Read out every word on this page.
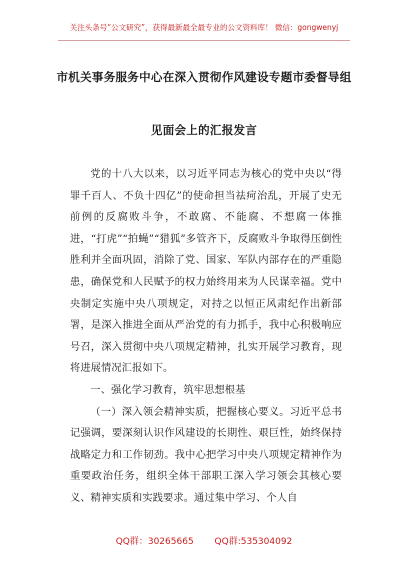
关注头条号“公文研究”，获得最新最全最专业的公文资料库！ 微信：gongwenyj
市机关事务服务中心在深入贯彻作风建设专题市委督导组
见面会上的汇报发言

党的十八大以来，以习近平同志为核心的党中央以“得罪千百人、不负十四亿”的使命担当祛疴治乱，开展了史无前例的反腐败斗争，不敢腐、不能腐、不想腐一体推进，“打虎”“拍蝇”“猎狐”多管齐下，反腐败斗争取得压倒性胜利并全面巩固，消除了党、国家、军队内部存在的严重隐患，确保党和人民赋予的权力始终用来为人民谋幸福。党中央制定实施中央八项规定，对持之以恒正风肃纪作出新部署，是深入推进全面从严治党的有力抓手，我中心积极响应号召，深入贯彻中央八项规定精神，扎实开展学习教育，现将进展情况汇报如下。

一、强化学习教育，筑牢思想根基

（一）深入领会精神实质，把握核心要义。习近平总书记强调，要深刻认识作风建设的长期性、艰巨性，始终保持战略定力和工作韧劲。我中心把学习中央八项规定精神作为重要政治任务，组织全体干部职工深入学习领会其核心要义、精神实质和实践要求。通过集中学习、个人自

QQ群：30265665 QQ群:535304092
